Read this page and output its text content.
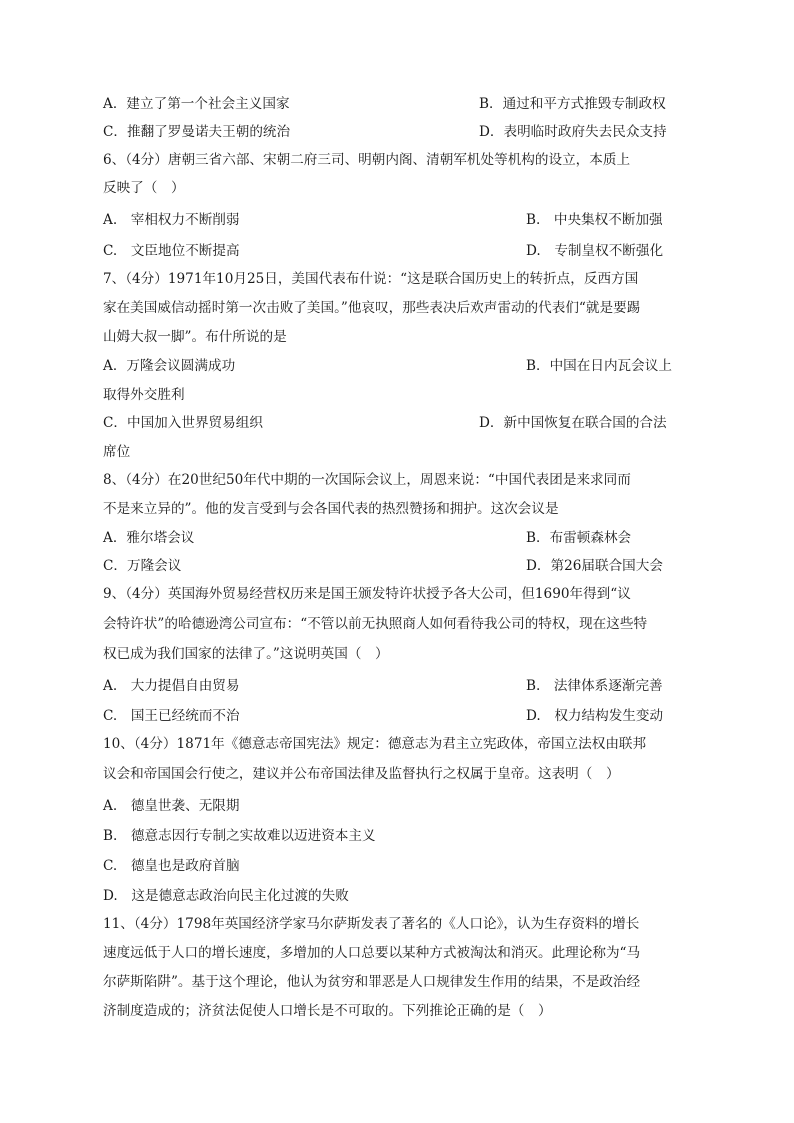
A．建立了第一个社会主义国家	B．通过和平方式推毁专制政权
C．推翻了罗曼诺夫王朝的统治	D．表明临时政府失去民众支持
6、（4分）唐朝三省六部、宋朝二府三司、明朝内阁、清朝军机处等机构的设立，本质上
反映了（　）
A.　宰相权力不断削弱	B.　中央集权不断加强
C.　文臣地位不断提高	D.　专制皇权不断强化
7、（4分）1971年10月25日，美国代表布什说：“这是联合国历史上的转折点，反西方国
家在美国威信动摇时第一次击败了美国。”他哀叹，那些表决后欢声雷动的代表们“就是要踢
山姆大叔一脚”。布什所说的是
A．万隆会议圆满成功	B．中国在日内瓦会议上
取得外交胜利
C．中国加入世界贸易组织	D．新中国恢复在联合国的合法
席位
8、（4分）在20世纪50年代中期的一次国际会议上，周恩来说：“中国代表团是来求同而
不是来立异的”。他的发言受到与会各国代表的热烈赞扬和拥护。这次会议是
A．雅尔塔会议	B．布雷顿森林会
C．万隆会议	D．第26届联合国大会
9、（4分）英国海外贸易经营权历来是国王颁发特许状授予各大公司，但1690年得到“议
会特许状”的哈德逊湾公司宣布：“不管以前无执照商人如何看待我公司的特权，现在这些特
权已成为我们国家的法律了。”这说明英国（　）
A.　大力提倡自由贸易	B.　法律体系逐渐完善
C.　国王已经统而不治	D.　权力结构发生变动
10、（4分）1871年《德意志帝国宪法》规定：德意志为君主立宪政体，帝国立法权由联邦
议会和帝国国会行使之，建议并公布帝国法律及监督执行之权属于皇帝。这表明（　）
A.　德皇世袭、无限期
B.　德意志因行专制之实故难以迈进资本主义
C.　德皇也是政府首脑
D.　这是德意志政治向民主化过渡的失败
11、（4分）1798年英国经济学家马尔萨斯发表了著名的《人口论》，认为生存资料的增长
速度远低于人口的增长速度，多增加的人口总要以某种方式被淘汰和消灭。此理论称为“马
尔萨斯陷阱”。基于这个理论，他认为贫穷和罪恶是人口规律发生作用的结果，不是政治经
济制度造成的；济贫法促使人口增长是不可取的。下列推论正确的是（　）
